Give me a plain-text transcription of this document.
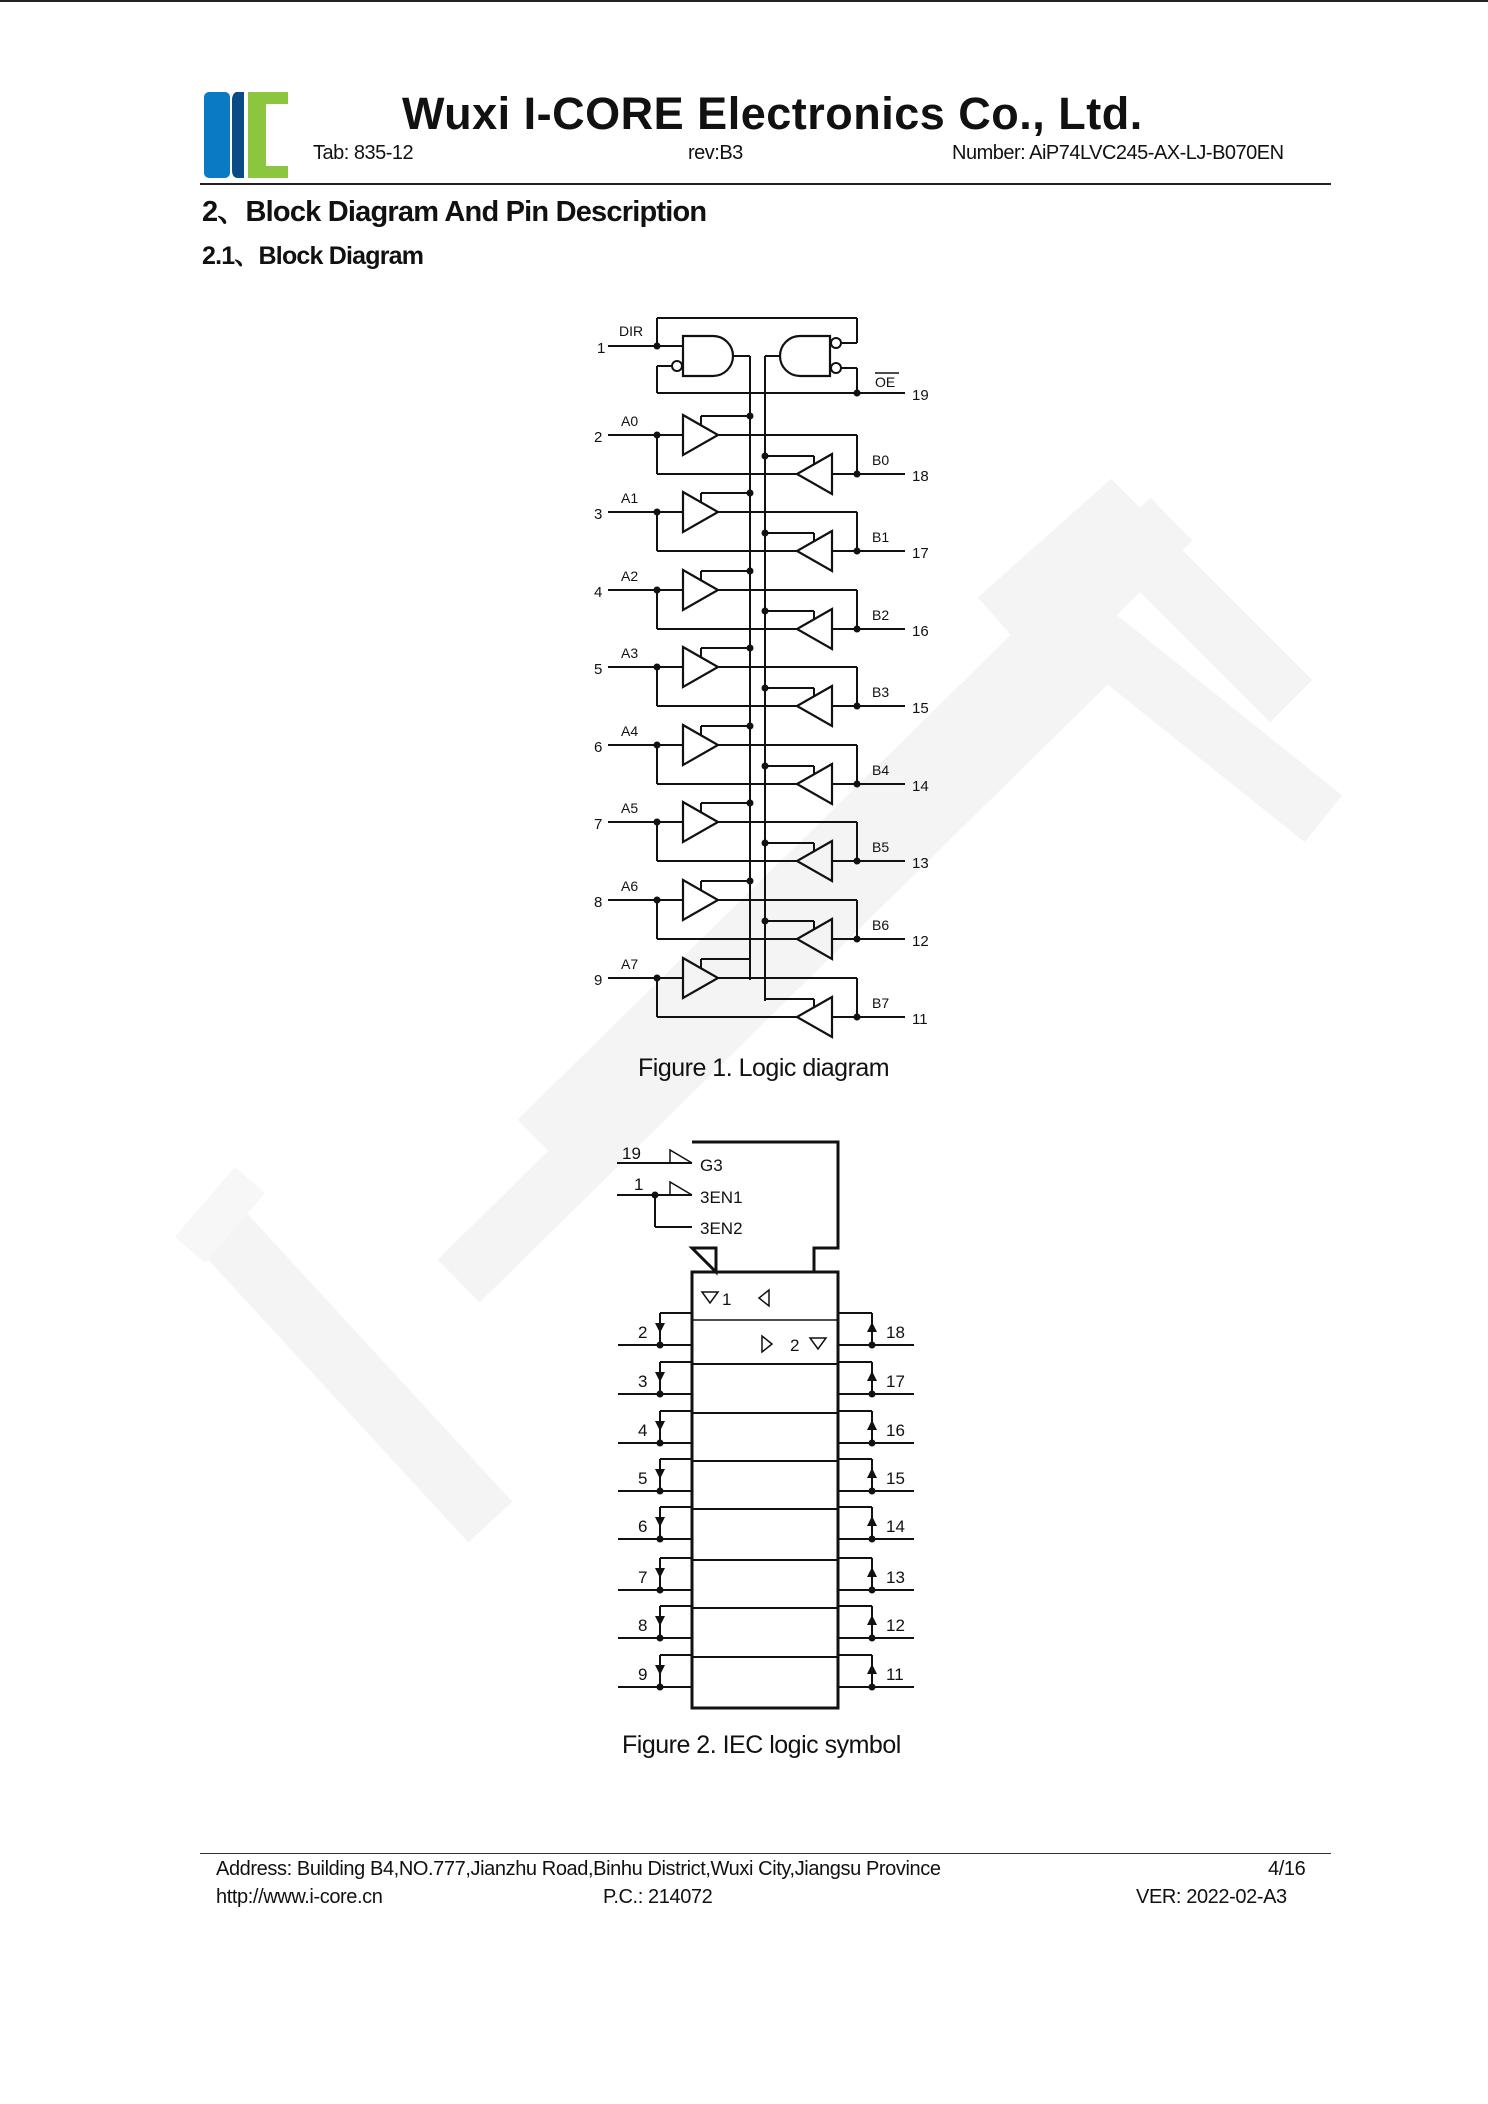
Wuxi I-CORE Electronics Co., Ltd.
Tab: 835-12	rev:B3	Number: AiP74LVC245-AX-LJ-B070EN
2、Block Diagram And Pin Description
2.1、Block Diagram
1
DIR
OE
19
2
A0
B0
18
3
A1
B1
17
4
A2
B2
16
5
A3
B3
15
6
A4
B4
14
7
A5
B5
13
8
A6
B6
12
9
A7
B7
11
Figure 1. Logic diagram
19
G3
1
3EN1
3EN2
1
2
2	18
3	17
4	16
5	15
6	14
7	13
8	12
9	11
Figure 2. IEC logic symbol
Address: Building B4,NO.777,Jianzhu Road,Binhu District,Wuxi City,Jiangsu Province
http://www.i-core.cn	P.C.: 214072
4/16
VER: 2022-02-A3
